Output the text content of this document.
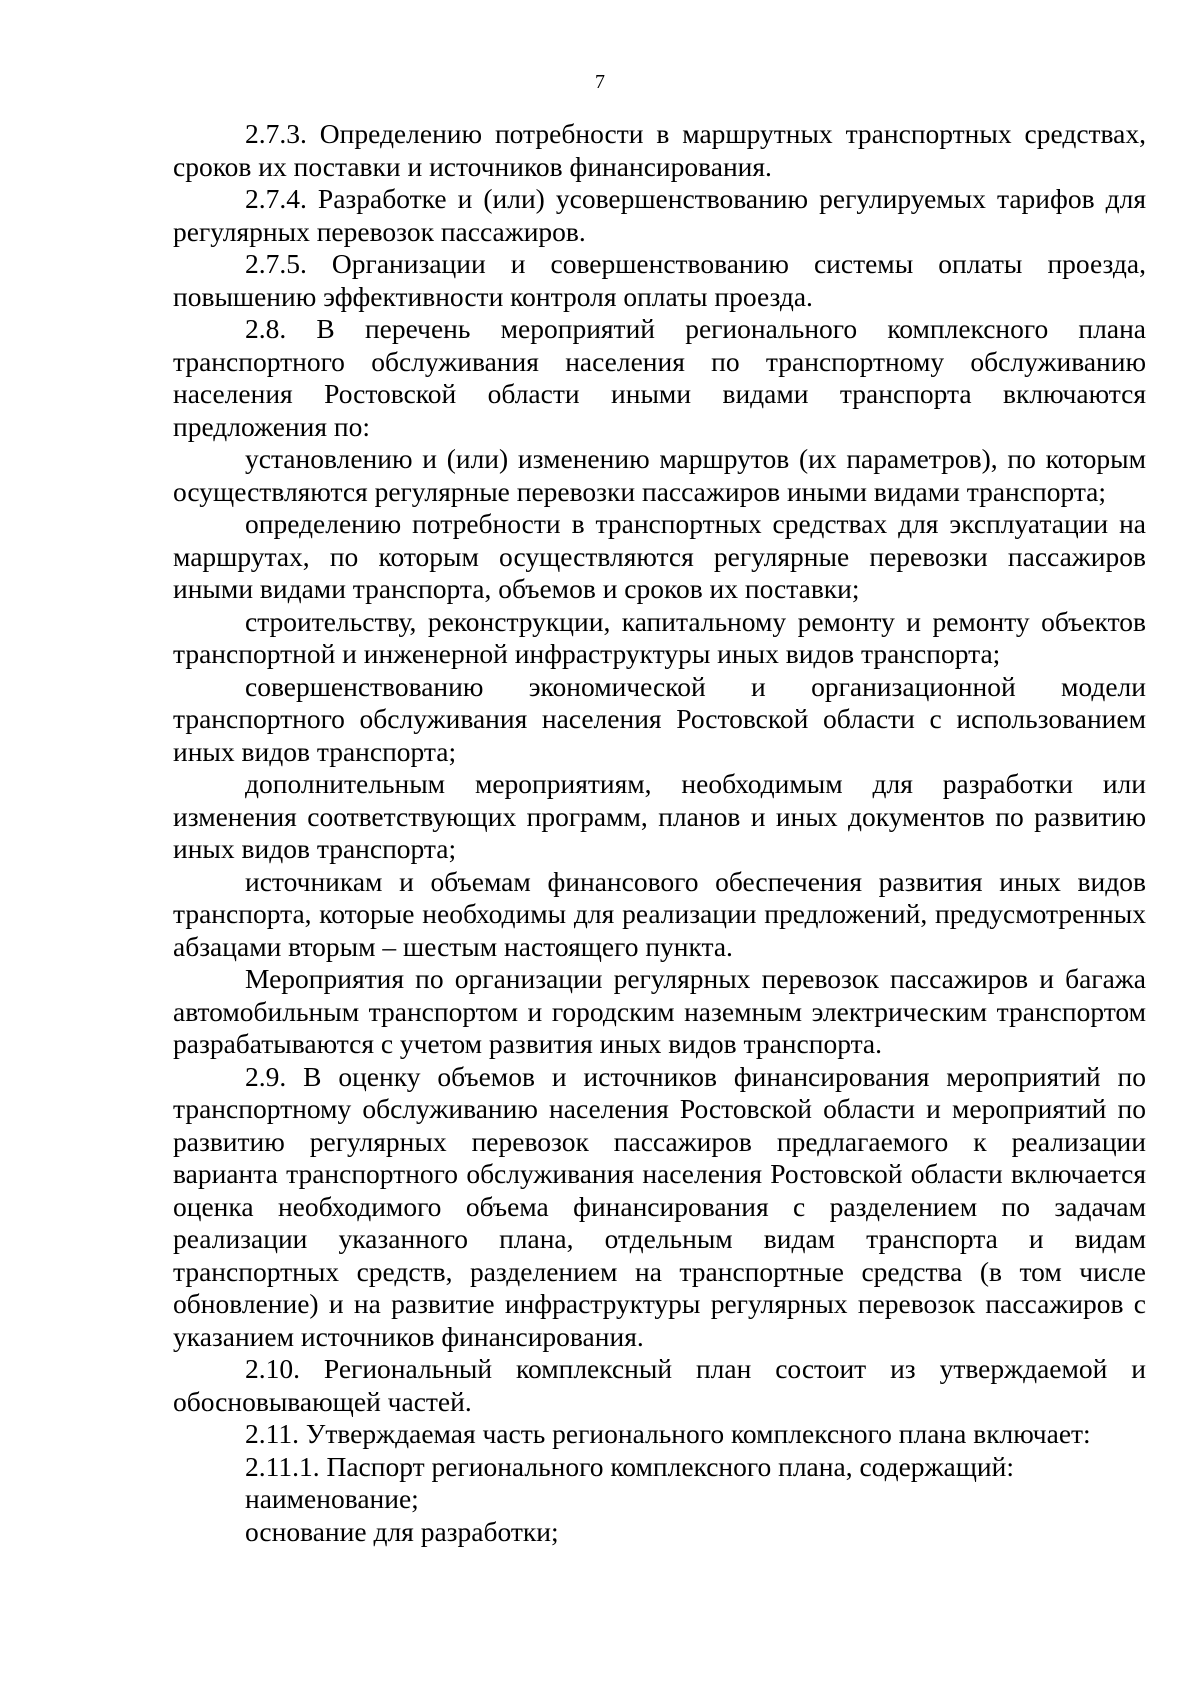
7

2.7.3. Определению потребности в маршрутных транспортных средствах, сроков их поставки и источников финансирования.

2.7.4. Разработке и (или) усовершенствованию регулируемых тарифов для регулярных перевозок пассажиров.

2.7.5. Организации и совершенствованию системы оплаты проезда, повышению эффективности контроля оплаты проезда.

2.8. В перечень мероприятий регионального комплексного плана транспортного обслуживания населения по транспортному обслуживанию населения Ростовской области иными видами транспорта включаются предложения по:

установлению и (или) изменению маршрутов (их параметров), по которым осуществляются регулярные перевозки пассажиров иными видами транспорта;

определению потребности в транспортных средствах для эксплуатации на маршрутах, по которым осуществляются регулярные перевозки пассажиров иными видами транспорта, объемов и сроков их поставки;

строительству, реконструкции, капитальному ремонту и ремонту объектов транспортной и инженерной инфраструктуры иных видов транспорта;

совершенствованию экономической и организационной модели транспортного обслуживания населения Ростовской области с использованием иных видов транспорта;

дополнительным мероприятиям, необходимым для разработки или изменения соответствующих программ, планов и иных документов по развитию иных видов транспорта;

источникам и объемам финансового обеспечения развития иных видов транспорта, которые необходимы для реализации предложений, предусмотренных абзацами вторым – шестым настоящего пункта.

Мероприятия по организации регулярных перевозок пассажиров и багажа автомобильным транспортом и городским наземным электрическим транспортом разрабатываются с учетом развития иных видов транспорта.

2.9. В оценку объемов и источников финансирования мероприятий по транспортному обслуживанию населения Ростовской области и мероприятий по развитию регулярных перевозок пассажиров предлагаемого к реализации варианта транспортного обслуживания населения Ростовской области включается оценка необходимого объема финансирования с разделением по задачам реализации указанного плана, отдельным видам транспорта и видам транспортных средств, разделением на транспортные средства (в том числе обновление) и на развитие инфраструктуры регулярных перевозок пассажиров с указанием источников финансирования.

2.10. Региональный комплексный план состоит из утверждаемой и обосновывающей частей.

2.11. Утверждаемая часть регионального комплексного плана включает:

2.11.1. Паспорт регионального комплексного плана, содержащий:

наименование;

основание для разработки;
